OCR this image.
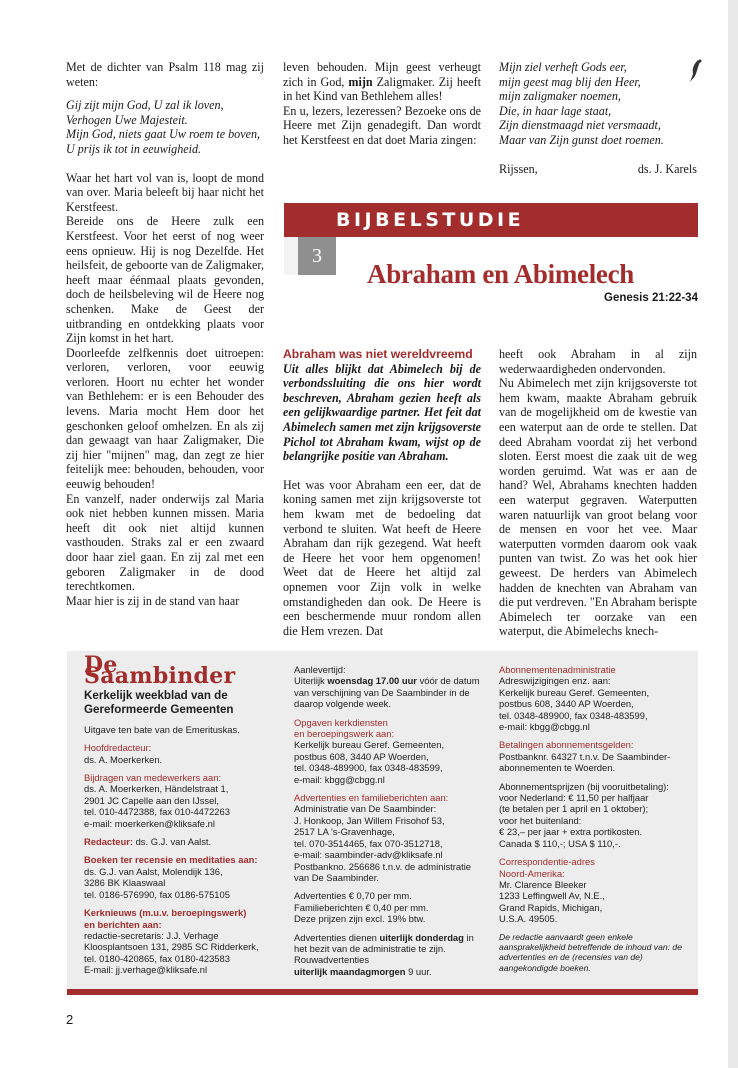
Met de dichter van Psalm 118 mag zij weten:

Gij zijt mijn God, U zal ik loven,

Verhogen Uwe Majesteit.

Mijn God, niets gaat Uw roem te boven,

U prijs ik tot in eeuwigheid.

Waar het hart vol van is, loopt de mond van over. Maria beleeft bij haar nicht het Kerstfeest.

Bereide ons de Heere zulk een Kerstfeest. Voor het eerst of nog weer eens opnieuw. Hij is nog Dezelfde. Het heilsfeit, de geboorte van de Zaligmaker, heeft maar éénmaal plaats gevonden, doch de heilsbeleving wil de Heere nog schenken. Make de Geest der uitbranding en ontdekking plaats voor Zijn komst in het hart.

Doorleefde zelfkennis doet uitroepen: verloren, verloren, voor eeuwig verloren. Hoort nu echter het wonder van Bethlehem: er is een Behouder des levens. Maria mocht Hem door het geschonken geloof omhelzen. En als zij dan gewaagt van haar Zaligmaker, Die zij hier "mijnen" mag, dan zegt ze hier feitelijk mee: behouden, behouden, voor eeuwig behouden!

En vanzelf, nader onderwijs zal Maria ook niet hebben kunnen missen. Maria heeft dit ook niet altijd kunnen vasthouden. Straks zal er een zwaard door haar ziel gaan. En zij zal met een geboren Zaligmaker in de dood terechtkomen.

Maar hier is zij in de stand van haar

leven behouden. Mijn geest verheugt zich in God, mijn Zaligmaker. Zij heeft in het Kind van Bethlehem alles!

En u, lezers, lezeressen? Bezoeke ons de Heere met Zijn genadegift. Dan wordt het Kerstfeest en dat doet Maria zingen:

Mijn ziel verheft Gods eer,

mijn geest mag blij den Heer,

mijn zaligmaker noemen,

Die, in haar lage staat,

Zijn dienstmaagd niet versmaadt,

Maar van Zijn gunst doet roemen.

Rijssen,	ds. J. Karels
BIJBELSTUDIE
3
Abraham en Abimelech
Genesis 21:22-34

Abraham was niet wereldvreemd

Uit alles blijkt dat Abimelech bij de verbondssluiting die ons hier wordt beschreven, Abraham gezien heeft als een gelijkwaardige partner. Het feit dat Abimelech samen met zijn krijgsoverste Pichol tot Abraham kwam, wijst op de belangrijke positie van Abraham.

Het was voor Abraham een eer, dat de koning samen met zijn krijgsoverste tot hem kwam met de bedoeling dat verbond te sluiten. Wat heeft de Heere Abraham dan rijk gezegend. Wat heeft de Heere het voor hem opgenomen! Weet dat de Heere het altijd zal opnemen voor Zijn volk in welke omstandigheden dan ook. De Heere is een beschermende muur rondom allen die Hem vrezen. Dat

heeft ook Abraham in al zijn wederwaardigheden ondervonden.

Nu Abimelech met zijn krijgsoverste tot hem kwam, maakte Abraham gebruik van de mogelijkheid om de kwestie van een waterput aan de orde te stellen. Dat deed Abraham voordat zij het verbond sloten. Eerst moest die zaak uit de weg worden geruimd. Wat was er aan de hand? Wel, Abrahams knechten hadden een waterput gegraven. Waterputten waren natuurlijk van groot belang voor de mensen en voor het vee. Maar waterputten vormden daarom ook vaak punten van twist. Zo was het ook hier geweest. De herders van Abimelech hadden de knechten van Abraham van die put verdreven. "En Abraham berispte Abimelech ter oorzake van een waterput, die Abimelechs knech-

De Saambinder

Kerkelijk weekblad van de

Gereformeerde Gemeenten

Uitgave ten bate van de Emerituskas.

Hoofdredacteur:

ds. A. Moerkerken.

Bijdragen van medewerkers aan:

ds. A. Moerkerken, Händelstraat 1,

2901 JC Capelle aan den IJssel,

tel. 010-4472388, fax 010-4472263

e-mail: moerkerken@kliksafe.nl

Redacteur: ds. G.J. van Aalst.

Boeken ter recensie en meditaties aan:

ds. G.J. van Aalst, Molendijk 136,

3286 BK Klaaswaal

tel. 0186-576990, fax 0186-575105

Kerknieuws (m.u.v. beroepingswerk)

en berichten aan:

redactie-secretaris: J.J. Verhage

Kloosplantsoen 131, 2985 SC Ridderkerk,

tel. 0180-420865, fax 0180-423583

E-mail: jj.verhage@kliksafe.nl

Aanlevertijd:

Uiterlijk woensdag 17.00 uur vóór de datum van verschijning van De Saambinder in de daarop volgende week.

Opgaven kerkdiensten

en beroepingswerk aan:

Kerkelijk bureau Geref. Gemeenten,

postbus 608, 3440 AP Woerden,

tel. 0348-489900, fax 0348-483599,

e-mail: kbgg@cbgg.nl

Advertenties en familieberichten aan:

Administratie van De Saambinder:

J. Honkoop, Jan Willem Frisohof 53,

2517 LA 's-Gravenhage,

tel. 070-3514465, fax 070-3512718,

e-mail: saambinder-adv@kliksafe.nl

Postbankno. 256686 t.n.v. de administratie

van De Saambinder.

Advertenties € 0,70 per mm.

Familieberichten € 0,40 per mm.

Deze prijzen zijn excl. 19% btw.

Advertenties dienen uiterlijk donderdag in het bezit van de administratie te zijn.

Rouwadvertenties

uiterlijk maandagmorgen 9 uur.

Abonnementenadministratie

Adreswijzigingen enz. aan:

Kerkelijk bureau Geref. Gemeenten,

postbus 608, 3440 AP Woerden,

tel. 0348-489900, fax 0348-483599,

e-mail: kbgg@cbgg.nl

Betalingen abonnementsgelden:

Postbanknr. 64327 t.n.v. De Saambinder-

abonnementen te Woerden.

Abonnementsprijzen (bij vooruitbetaling):

voor Nederland: € 11,50 per halfjaar

(te betalen per 1 april en 1 oktober);

voor het buitenland:

€ 23,– per jaar + extra portikosten.

Canada $ 110,-; USA $ 110,-.

Correspondentie-adres

Noord-Amerika:

Mr. Clarence Bleeker

1233 Leffingwell Av, N.E.,

Grand Rapids, Michigan,

U.S.A. 49505.

De redactie aanvaardt geen enkele aansprakelijkheid betreffende de inhoud van: de advertenties en de (recensies van de) aangekondigde boeken.

2
